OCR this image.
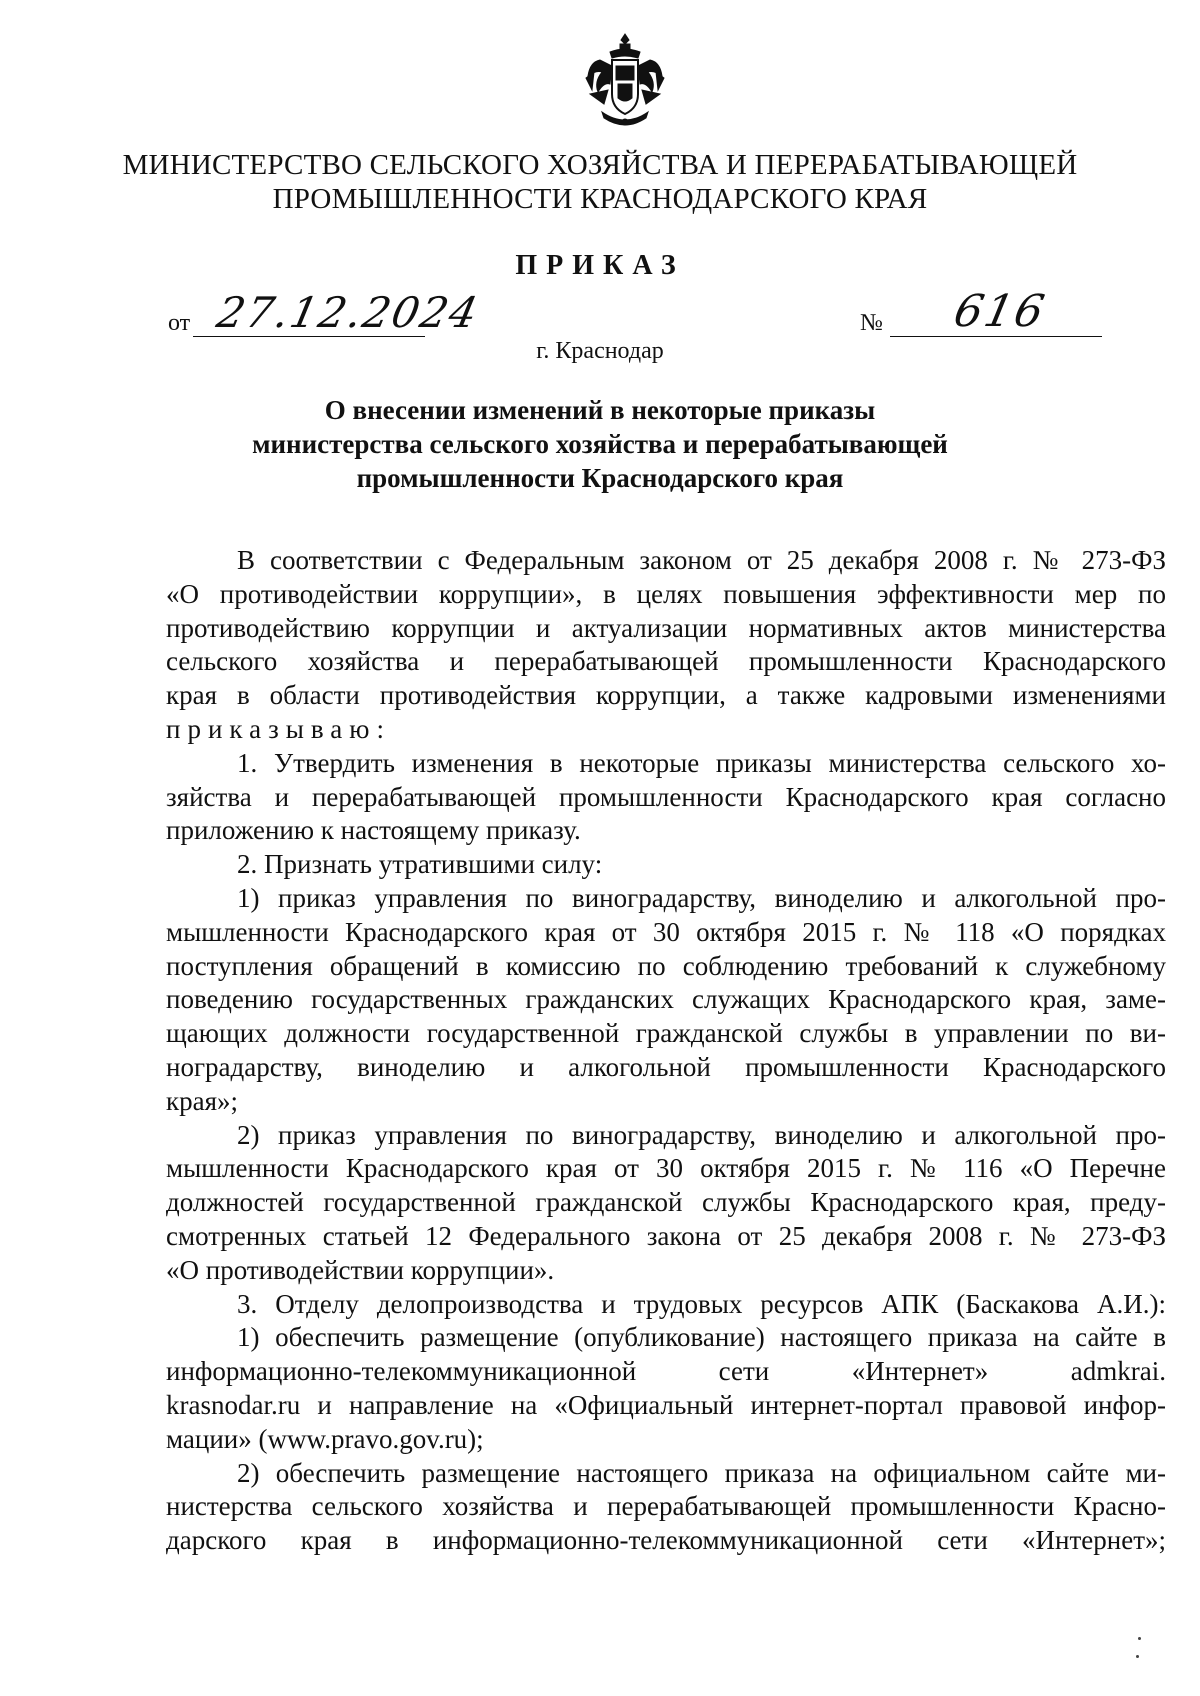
МИНИСТЕРСТВО СЕЛЬСКОГО ХОЗЯЙСТВА И ПЕРЕРАБАТЫВАЮЩЕЙ
ПРОМЫШЛЕННОСТИ КРАСНОДАРСКОГО КРАЯ
ПРИКАЗ
от 27.12.2024	№ 616
г. Краснодар
О внесении изменений в некоторые приказы
министерства сельского хозяйства и перерабатывающей
промышленности Краснодарского края
В соответствии с Федеральным законом от 25 декабря 2008 г. № 273-ФЗ
«О противодействии коррупции», в целях повышения эффективности мер по
противодействию коррупции и актуализации нормативных актов министерства
сельского хозяйства и перерабатывающей промышленности Краснодарского
края в области противодействия коррупции, а также кадровыми изменениями
приказываю:
1. Утвердить изменения в некоторые приказы министерства сельского хо-
зяйства и перерабатывающей промышленности Краснодарского края согласно
приложению к настоящему приказу.
2. Признать утратившими силу:
1) приказ управления по виноградарству, виноделию и алкогольной про-
мышленности Краснодарского края от 30 октября 2015 г. № 118 «О порядках
поступления обращений в комиссию по соблюдению требований к служебному
поведению государственных гражданских служащих Краснодарского края, заме-
щающих должности государственной гражданской службы в управлении по ви-
ноградарству, виноделию и алкогольной промышленности Краснодарского
края»;
2) приказ управления по виноградарству, виноделию и алкогольной про-
мышленности Краснодарского края от 30 октября 2015 г. № 116 «О Перечне
должностей государственной гражданской службы Краснодарского края, преду-
смотренных статьей 12 Федерального закона от 25 декабря 2008 г. № 273-ФЗ
«О противодействии коррупции».
3. Отделу делопроизводства и трудовых ресурсов АПК (Баскакова А.И.):
1) обеспечить размещение (опубликование) настоящего приказа на сайте в
информационно-телекоммуникационной сети «Интернет» admkrai.
krasnodar.ru и направление на «Официальный интернет-портал правовой инфор-
мации» (www.pravo.gov.ru);
2) обеспечить размещение настоящего приказа на официальном сайте ми-
нистерства сельского хозяйства и перерабатывающей промышленности Красно-
дарского края в информационно-телекоммуникационной сети «Интернет»;
